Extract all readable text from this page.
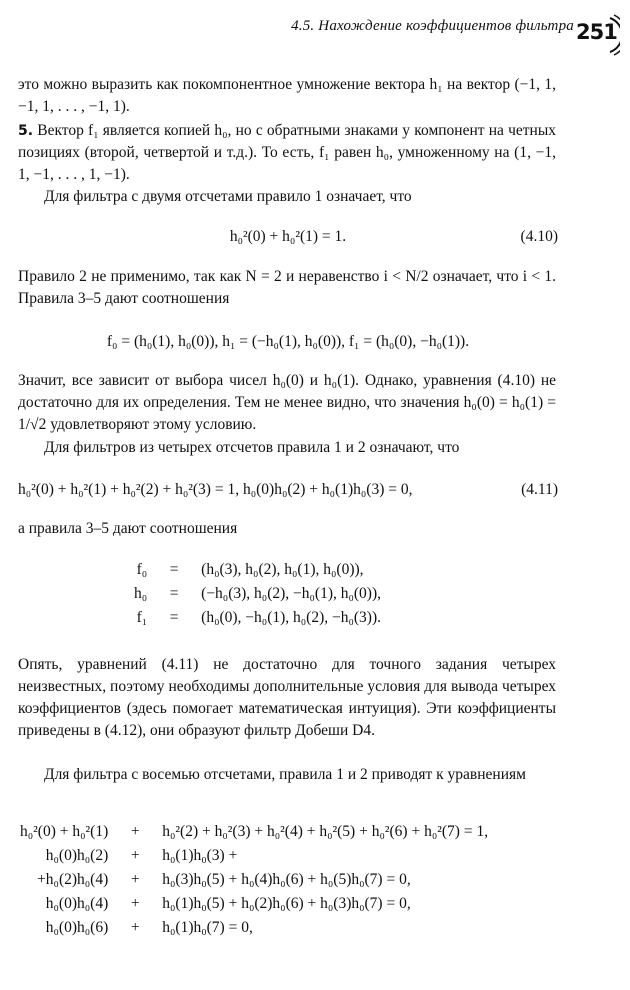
4.5. Нахождение коэффициентов фильтра 251
это можно выразить как покомпонентное умножение вектора h₁ на вектор (−1, 1, −1, 1, . . . , −1, 1).
5. Вектор f₁ является копией h₀, но с обратными знаками у компонент на четных позициях (второй, четвертой и т.д.). То есть, f₁ равен h₀, умноженному на (1, −1, 1, −1, . . . , 1, −1).
Для фильтра с двумя отсчетами правило 1 означает, что
h₀²(0) + h₀²(1) = 1.	(4.10)
Правило 2 не применимо, так как N = 2 и неравенство i < N/2 означает, что i < 1. Правила 3–5 дают соотношения
f₀ = (h₀(1), h₀(0)), h₁ = (−h₀(1), h₀(0)), f₁ = (h₀(0), −h₀(1)).
Значит, все зависит от выбора чисел h₀(0) и h₀(1). Однако, уравнения (4.10) не достаточно для их определения. Тем не менее видно, что значения h₀(0) = h₀(1) = 1/√2 удовлетворяют этому условию.
Для фильтров из четырех отсчетов правила 1 и 2 означают, что
h₀²(0) + h₀²(1) + h₀²(2) + h₀²(3) = 1, h₀(0)h₀(2) + h₀(1)h₀(3) = 0,	(4.11)
а правила 3–5 дают соотношения
f₀	=	(h₀(3), h₀(2), h₀(1), h₀(0)),
h₀	=	(−h₀(3), h₀(2), −h₀(1), h₀(0)),
f₁	=	(h₀(0), −h₀(1), h₀(2), −h₀(3)).
Опять, уравнений (4.11) не достаточно для точного задания четырех неизвестных, поэтому необходимы дополнительные условия для вывода четырех коэффициентов (здесь помогает математическая интуиция). Эти коэффициенты приведены в (4.12), они образуют фильтр Добеши D4.
Для фильтра с восемью отсчетами, правила 1 и 2 приводят к уравнениям
h₀²(0) + h₀²(1)	+	h₀²(2) + h₀²(3) + h₀²(4) + h₀²(5) + h₀²(6) + h₀²(7) = 1,
h₀(0)h₀(2)	+	h₀(1)h₀(3) +
+h₀(2)h₀(4)	+	h₀(3)h₀(5) + h₀(4)h₀(6) + h₀(5)h₀(7) = 0,
h₀(0)h₀(4)	+	h₀(1)h₀(5) + h₀(2)h₀(6) + h₀(3)h₀(7) = 0,
h₀(0)h₀(6)	+	h₀(1)h₀(7) = 0,
